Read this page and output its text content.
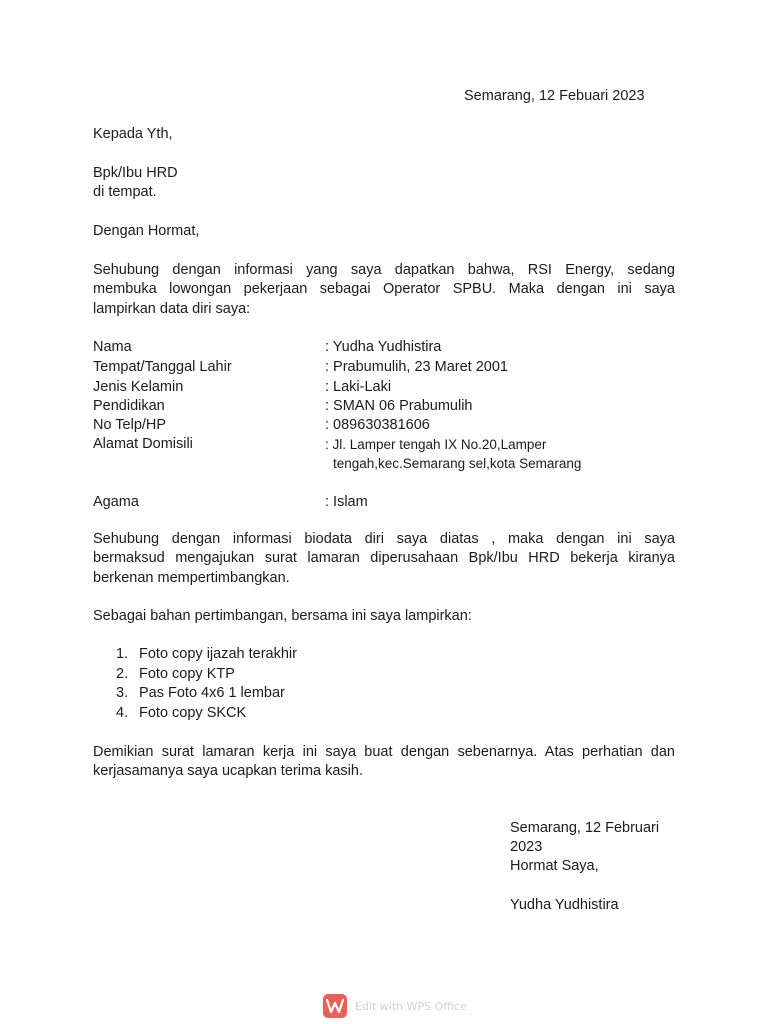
Semarang, 12 Febuari 2023
Kepada Yth,
Bpk/Ibu HRD
di tempat.
Dengan Hormat,
Sehubung dengan informasi yang saya dapatkan bahwa, RSI Energy, sedang
membuka lowongan pekerjaan sebagai Operator SPBU. Maka dengan ini saya
lampirkan data diri saya:
Nama	: Yudha Yudhistira
Tempat/Tanggal Lahir	: Prabumulih, 23 Maret 2001
Jenis Kelamin	: Laki-Laki
Pendidikan	: SMAN 06 Prabumulih
No Telp/HP	: 089630381606
Alamat Domisili	: Jl. Lamper tengah IX No.20,Lamper
tengah,kec.Semarang sel,kota Semarang
Agama	: Islam
Sehubung dengan informasi biodata diri saya diatas , maka dengan ini saya
bermaksud mengajukan surat lamaran diperusahaan Bpk/Ibu HRD bekerja kiranya
berkenan mempertimbangkan.
Sebagai bahan pertimbangan, bersama ini saya lampirkan:
1. Foto copy ijazah terakhir
2. Foto copy KTP
3. Pas Foto 4x6 1 lembar
4. Foto copy SKCK
Demikian surat lamaran kerja ini saya buat dengan sebenarnya. Atas perhatian dan
kerjasamanya saya ucapkan terima kasih.
Semarang, 12 Februari
2023
Hormat Saya,
Yudha Yudhistira
Edit with WPS Office
